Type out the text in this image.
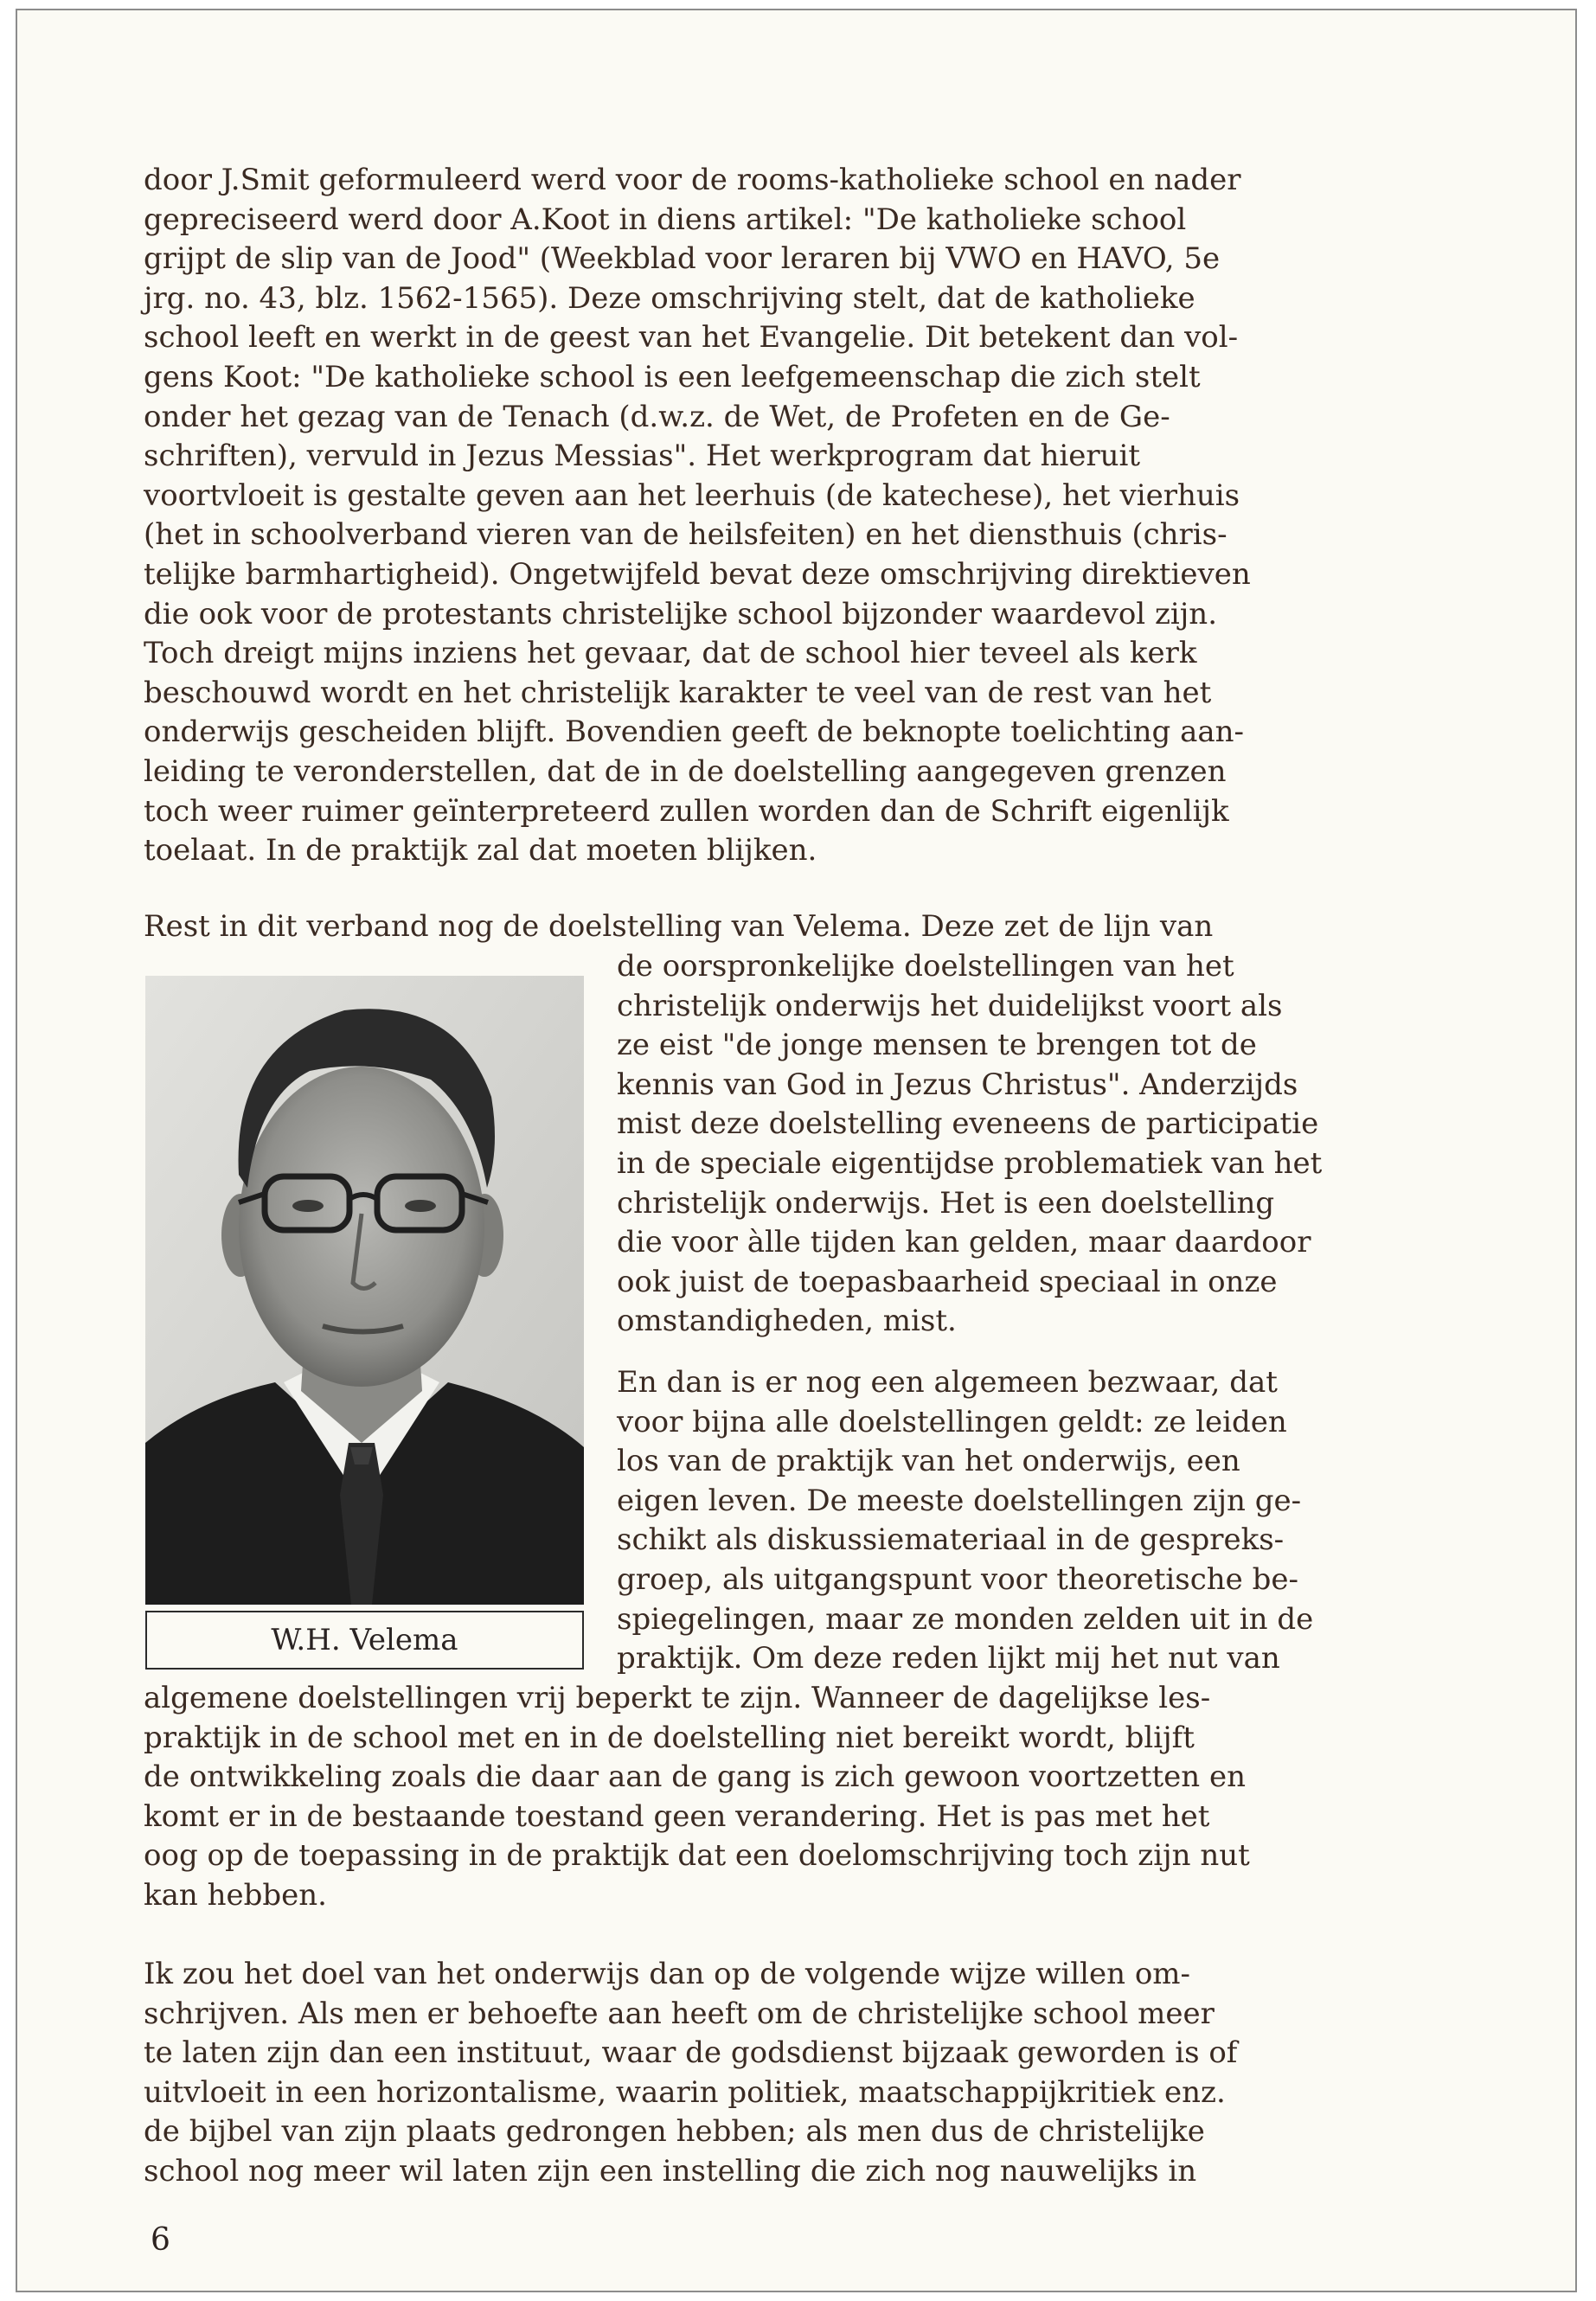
door J.Smit geformuleerd werd voor de rooms-katholieke school en nader
gepreciseerd werd door A.Koot in diens artikel: "De katholieke school
grijpt de slip van de Jood" (Weekblad voor leraren bij VWO en HAVO, 5e
jrg. no. 43, blz. 1562-1565). Deze omschrijving stelt, dat de katholieke
school leeft en werkt in de geest van het Evangelie. Dit betekent dan vol-
gens Koot: "De katholieke school is een leefgemeenschap die zich stelt
onder het gezag van de Tenach (d.w.z. de Wet, de Profeten en de Ge-
schriften), vervuld in Jezus Messias". Het werkprogram dat hieruit
voortvloeit is gestalte geven aan het leerhuis (de katechese), het vierhuis
(het in schoolverband vieren van de heilsfeiten) en het diensthuis (chris-
telijke barmhartigheid). Ongetwijfeld bevat deze omschrijving direktieven
die ook voor de protestants christelijke school bijzonder waardevol zijn.
Toch dreigt mijns inziens het gevaar, dat de school hier teveel als kerk
beschouwd wordt en het christelijk karakter te veel van de rest van het
onderwijs gescheiden blijft. Bovendien geeft de beknopte toelichting aan-
leiding te veronderstellen, dat de in de doelstelling aangegeven grenzen
toch weer ruimer geïnterpreteerd zullen worden dan de Schrift eigenlijk
toelaat. In de praktijk zal dat moeten blijken.

Rest in dit verband nog de doelstelling van Velema. Deze zet de lijn van

de oorspronkelijke doelstellingen van het
christelijk onderwijs het duidelijkst voort als
ze eist "de jonge mensen te brengen tot de
kennis van God in Jezus Christus". Anderzijds
mist deze doelstelling eveneens de participatie
in de speciale eigentijdse problematiek van het
christelijk onderwijs. Het is een doelstelling
die voor àlle tijden kan gelden, maar daardoor
ook juist de toepasbaarheid speciaal in onze
omstandigheden, mist.

En dan is er nog een algemeen bezwaar, dat
voor bijna alle doelstellingen geldt: ze leiden
los van de praktijk van het onderwijs, een
eigen leven. De meeste doelstellingen zijn ge-
schikt als diskussiemateriaal in de gespreks-
groep, als uitgangspunt voor theoretische be-
spiegelingen, maar ze monden zelden uit in de
praktijk. Om deze reden lijkt mij het nut van

algemene doelstellingen vrij beperkt te zijn. Wanneer de dagelijkse les-
praktijk in de school met en in de doelstelling niet bereikt wordt, blijft
de ontwikkeling zoals die daar aan de gang is zich gewoon voortzetten en
komt er in de bestaande toestand geen verandering. Het is pas met het
oog op de toepassing in de praktijk dat een doelomschrijving toch zijn nut
kan hebben.

Ik zou het doel van het onderwijs dan op de volgende wijze willen om-
schrijven. Als men er behoefte aan heeft om de christelijke school meer
te laten zijn dan een instituut, waar de godsdienst bijzaak geworden is of
uitvloeit in een horizontalisme, waarin politiek, maatschappijkritiek enz.
de bijbel van zijn plaats gedrongen hebben; als men dus de christelijke
school nog meer wil laten zijn een instelling die zich nog nauwelijks in

W.H. Velema
6
